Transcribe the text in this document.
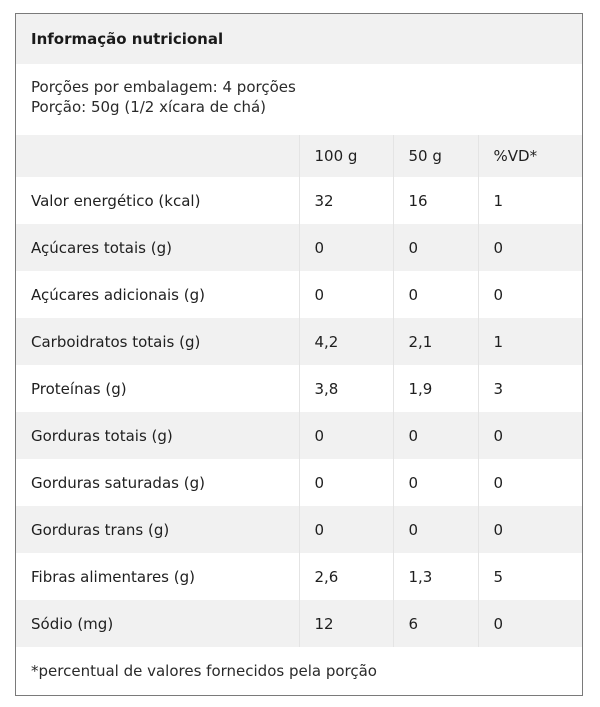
Informação nutricional
Porções por embalagem: 4 porções
Porção: 50g (1/2 xícara de chá)
	100 g	50 g	%VD*
Valor energético (kcal)	32	16	1
Açúcares totais (g)	0	0	0
Açúcares adicionais (g)	0	0	0
Carboidratos totais (g)	4,2	2,1	1
Proteínas (g)	3,8	1,9	3
Gorduras totais (g)	0	0	0
Gorduras saturadas (g)	0	0	0
Gorduras trans (g)	0	0	0
Fibras alimentares (g)	2,6	1,3	5
Sódio (mg)	12	6	0
*percentual de valores fornecidos pela porção
